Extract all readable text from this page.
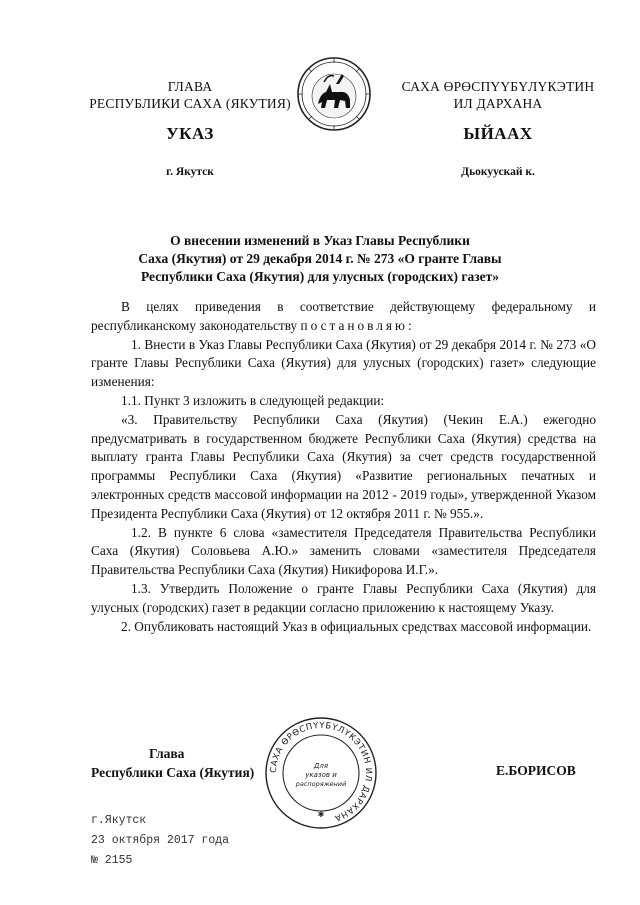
ГЛАВА
РЕСПУБЛИКИ САХА (ЯКУТИЯ)
САХА ӨРӨСПҮҮБҮЛҮКЭТИН
ИЛ ДАРХАНА
УКАЗ	ЫЙААХ
г. Якутск	Дьокуускай к.
О внесении изменений в Указ Главы Республики
Саха (Якутия) от 29 декабря 2014 г. № 273 «О гранте Главы
Республики Саха (Якутия) для улусных (городских) газет»

В целях приведения в соответствие действующему федеральному и республиканскому законодательству постановляю:

1. Внести в Указ Главы Республики Саха (Якутия) от 29 декабря 2014 г. № 273 «О гранте Главы Республики Саха (Якутия) для улусных (городских) газет» следующие изменения:

1.1. Пункт 3 изложить в следующей редакции:

«3. Правительству Республики Саха (Якутия) (Чекин Е.А.) ежегодно предусматривать в государственном бюджете Республики Саха (Якутия) средства на выплату гранта Главы Республики Саха (Якутия) за счет средств государственной программы Республики Саха (Якутия) «Развитие региональных печатных и электронных средств массовой информации на 2012 - 2019 годы», утвержденной Указом Президента Республики Саха (Якутия) от 12 октября 2011 г. № 955.».

1.2. В пункте 6 слова «заместителя Председателя Правительства Республики Саха (Якутия) Соловьева А.Ю.» заменить словами «заместителя Председателя Правительства Республики Саха (Якутия) Никифорова И.Г.».

1.3. Утвердить Положение о гранте Главы Республики Саха (Якутия) для улусных (городских) газет в редакции согласно приложению к настоящему Указу.

2. Опубликовать настоящий Указ в официальных средствах массовой информации.

Глава
Республики Саха (Якутия)	САХА ӨРӨСПҮҮБҮЛҮКЭТИН ИЛ ДАРХАНА
Для
указов и
распоряжений
✱
Е.БОРИСОВ
г.Якутск
23 октября 2017 года
№ 2155
